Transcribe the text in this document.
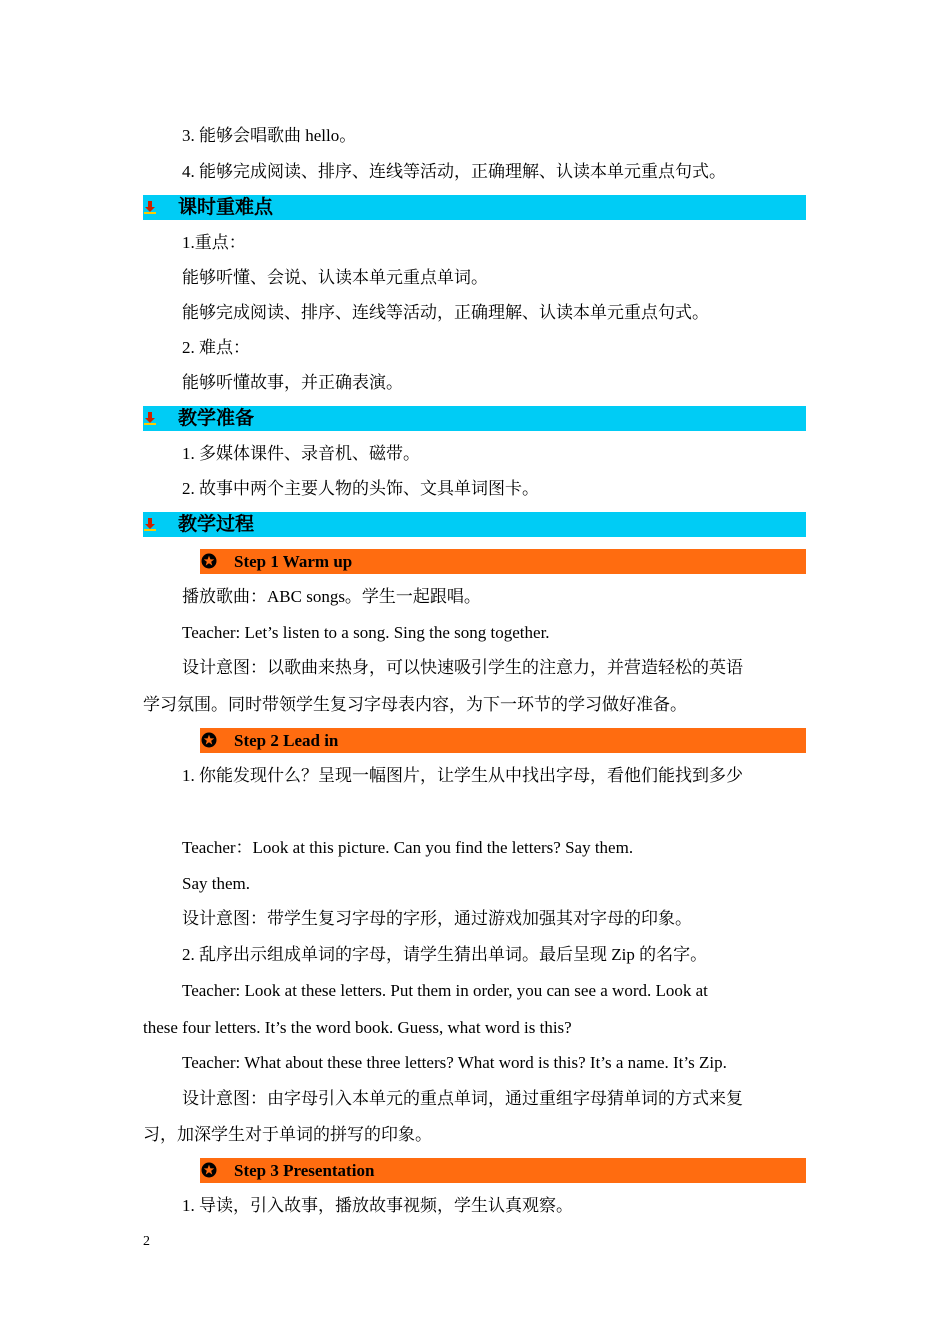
3. 能够会唱歌曲 hello。
4. 能够完成阅读、排序、连线等活动，正确理解、认读本单元重点句式。
课时重难点
1.重点：
能够听懂、会说、认读本单元重点单词。
能够完成阅读、排序、连线等活动，正确理解、认读本单元重点句式。
2. 难点：
能够听懂故事，并正确表演。
教学准备
1. 多媒体课件、录音机、磁带。
2. 故事中两个主要人物的头饰、文具单词图卡。
教学过程
Step 1 Warm up
播放歌曲：ABC songs。学生一起跟唱。
Teacher: Let’s listen to a song. Sing the song together.
设计意图：以歌曲来热身，可以快速吸引学生的注意力，并营造轻松的英语
学习氛围。同时带领学生复习字母表内容，为下一环节的学习做好准备。
Step 2 Lead in
1. 你能发现什么？呈现一幅图片，让学生从中找出字母，看他们能找到多少
Teacher：Look at this picture. Can you find the letters? Say them.
Say them.
设计意图：带学生复习字母的字形，通过游戏加强其对字母的印象。
2. 乱序出示组成单词的字母，请学生猜出单词。最后呈现 Zip 的名字。
Teacher: Look at these letters. Put them in order, you can see a word. Look at
these four letters. It’s the word book. Guess, what word is this?
Teacher: What about these three letters? What word is this? It’s a name. It’s Zip.
设计意图：由字母引入本单元的重点单词，通过重组字母猜单词的方式来复
习，加深学生对于单词的拼写的印象。
Step 3 Presentation
1. 导读，引入故事，播放故事视频，学生认真观察。
2
